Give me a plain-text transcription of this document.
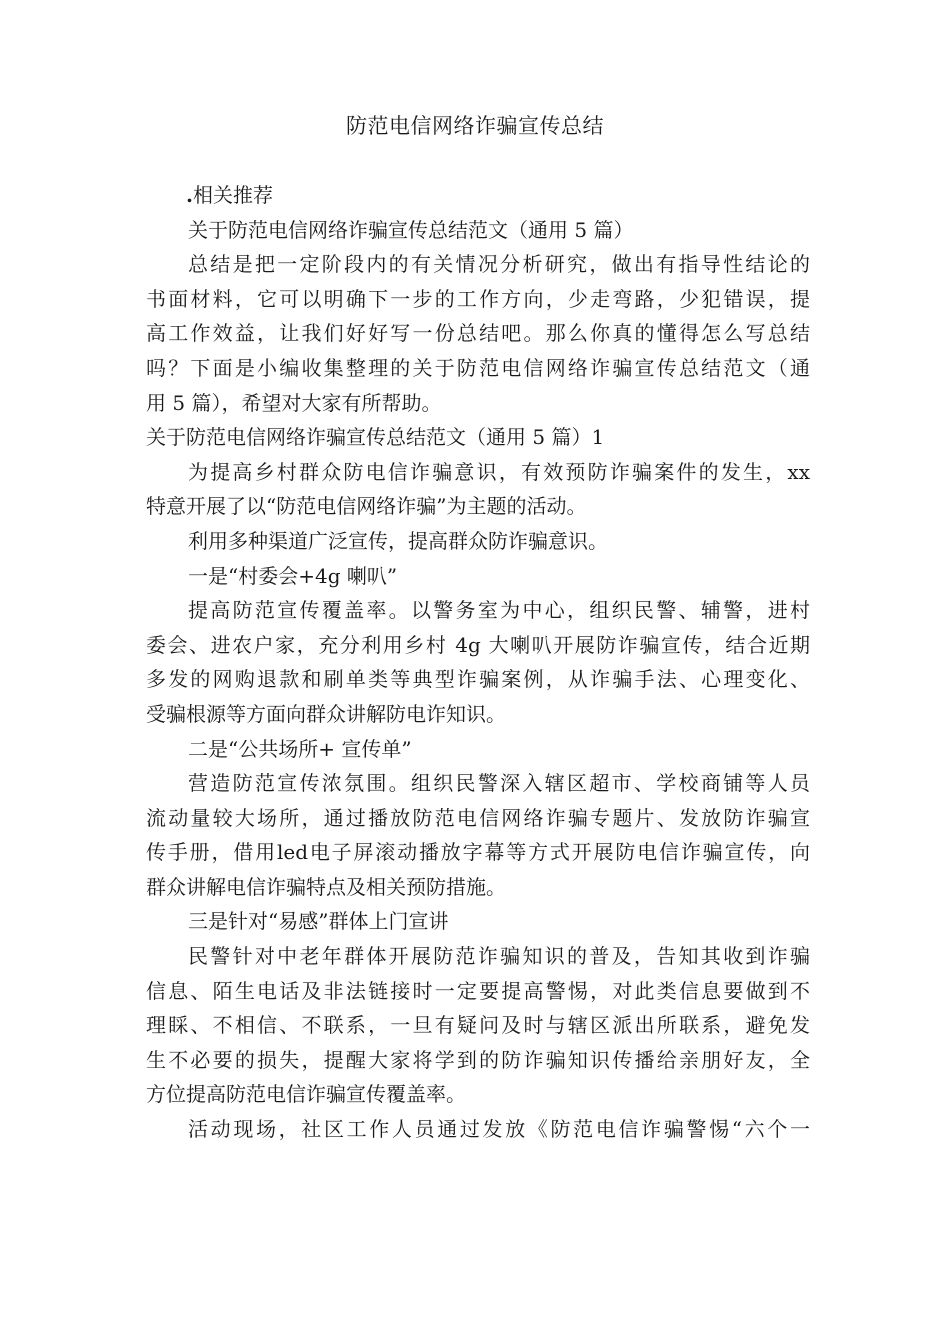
防范电信网络诈骗宣传总结
.相关推荐
关于防范电信网络诈骗宣传总结范文（通用 5 篇）
总结是把一定阶段内的有关情况分析研究，做出有指导性结论的
书面材料，它可以明确下一步的工作方向，少走弯路，少犯错误，提
高工作效益，让我们好好写一份总结吧。那么你真的懂得怎么写总结
吗？下面是小编收集整理的关于防范电信网络诈骗宣传总结范文（通
用 5 篇），希望对大家有所帮助。
关于防范电信网络诈骗宣传总结范文（通用 5 篇）1
为提高乡村群众防电信诈骗意识，有效预防诈骗案件的发生，xx
特意开展了以“防范电信网络诈骗”为主题的活动。
利用多种渠道广泛宣传，提高群众防诈骗意识。
一是“村委会+4g 喇叭”
提高防范宣传覆盖率。以警务室为中心，组织民警、辅警，进村
委会、进农户家，充分利用乡村 4g 大喇叭开展防诈骗宣传，结合近期
多发的网购退款和刷单类等典型诈骗案例，从诈骗手法、心理变化、
受骗根源等方面向群众讲解防电诈知识。
二是“公共场所+ 宣传单”
营造防范宣传浓氛围。组织民警深入辖区超市、学校商铺等人员
流动量较大场所，通过播放防范电信网络诈骗专题片、发放防诈骗宣
传手册，借用led电子屏滚动播放字幕等方式开展防电信诈骗宣传，向
群众讲解电信诈骗特点及相关预防措施。
三是针对“易感”群体上门宣讲
民警针对中老年群体开展防范诈骗知识的普及，告知其收到诈骗
信息、陌生电话及非法链接时一定要提高警惕，对此类信息要做到不
理睬、不相信、不联系，一旦有疑问及时与辖区派出所联系，避免发
生不必要的损失，提醒大家将学到的防诈骗知识传播给亲朋好友，全
方位提高防范电信诈骗宣传覆盖率。
活动现场，社区工作人员通过发放《防范电信诈骗警惕“六个一
